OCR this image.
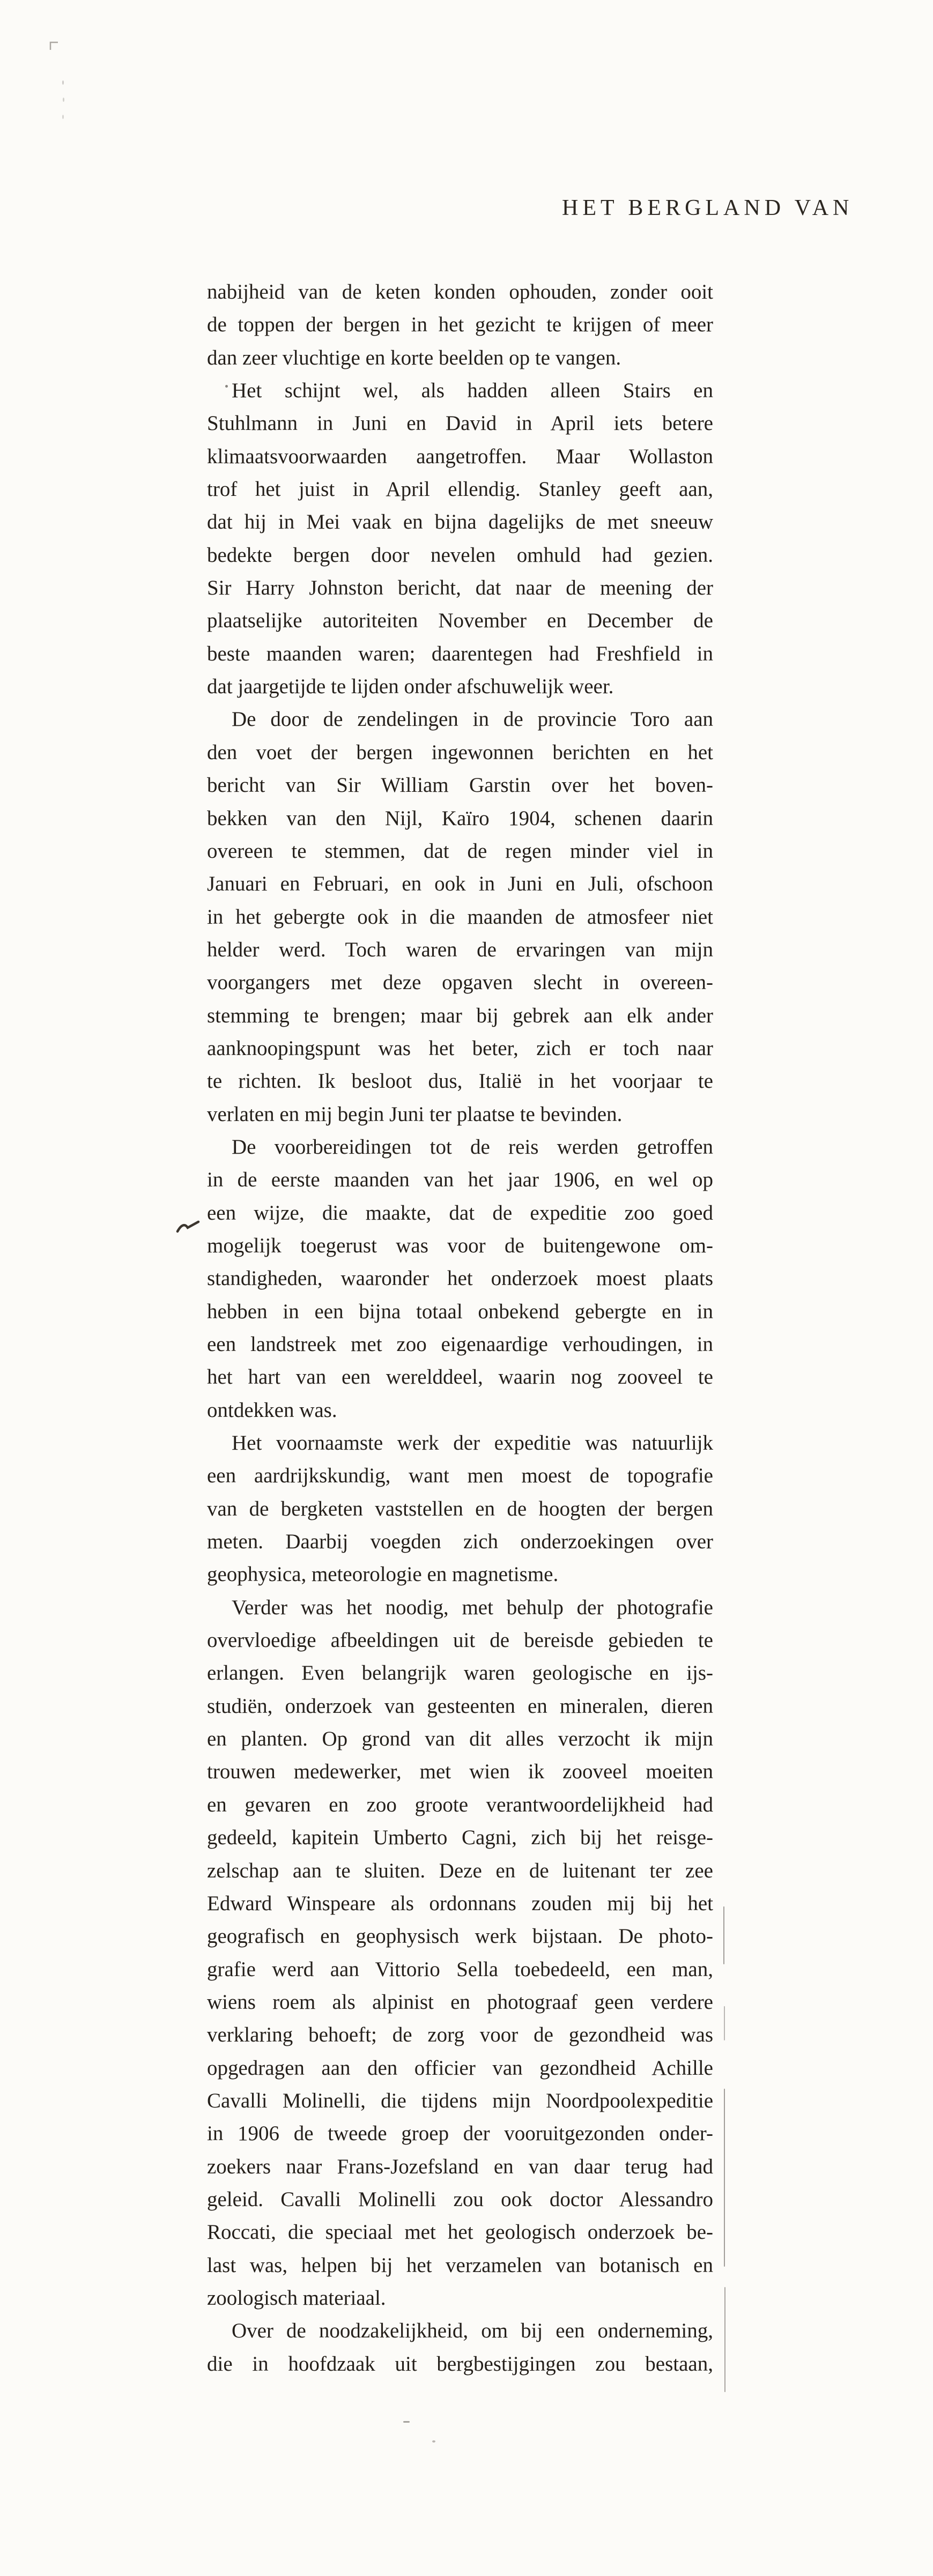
HET BERGLAND VAN
nabijheid van de keten konden ophouden, zonder ooit
de toppen der bergen in het gezicht te krijgen of meer
dan zeer vluchtige en korte beelden op te vangen.
Het schijnt wel, als hadden alleen Stairs en
Stuhlmann in Juni en David in April iets betere
klimaatsvoorwaarden aangetroffen. Maar Wollaston
trof het juist in April ellendig. Stanley geeft aan,
dat hij in Mei vaak en bijna dagelijks de met sneeuw
bedekte bergen door nevelen omhuld had gezien.
Sir Harry Johnston bericht, dat naar de meening der
plaatselijke autoriteiten November en December de
beste maanden waren; daarentegen had Freshfield in
dat jaargetijde te lijden onder afschuwelijk weer.
De door de zendelingen in de provincie Toro aan
den voet der bergen ingewonnen berichten en het
bericht van Sir William Garstin over het boven-
bekken van den Nijl, Kaïro 1904, schenen daarin
overeen te stemmen, dat de regen minder viel in
Januari en Februari, en ook in Juni en Juli, ofschoon
in het gebergte ook in die maanden de atmosfeer niet
helder werd. Toch waren de ervaringen van mijn
voorgangers met deze opgaven slecht in overeen-
stemming te brengen; maar bij gebrek aan elk ander
aanknoopingspunt was het beter, zich er toch naar
te richten. Ik besloot dus, Italië in het voorjaar te
verlaten en mij begin Juni ter plaatse te bevinden.
De voorbereidingen tot de reis werden getroffen
in de eerste maanden van het jaar 1906, en wel op
een wijze, die maakte, dat de expeditie zoo goed
mogelijk toegerust was voor de buitengewone om-
standigheden, waaronder het onderzoek moest plaats
hebben in een bijna totaal onbekend gebergte en in
een landstreek met zoo eigenaardige verhoudingen, in
het hart van een werelddeel, waarin nog zooveel te
ontdekken was.
Het voornaamste werk der expeditie was natuurlijk
een aardrijkskundig, want men moest de topografie
van de bergketen vaststellen en de hoogten der bergen
meten. Daarbij voegden zich onderzoekingen over
geophysica, meteorologie en magnetisme.
Verder was het noodig, met behulp der photografie
overvloedige afbeeldingen uit de bereisde gebieden te
erlangen. Even belangrijk waren geologische en ijs-
studiën, onderzoek van gesteenten en mineralen, dieren
en planten. Op grond van dit alles verzocht ik mijn
trouwen medewerker, met wien ik zooveel moeiten
en gevaren en zoo groote verantwoordelijkheid had
gedeeld, kapitein Umberto Cagni, zich bij het reisge-
zelschap aan te sluiten. Deze en de luitenant ter zee
Edward Winspeare als ordonnans zouden mij bij het
geografisch en geophysisch werk bijstaan. De photo-
grafie werd aan Vittorio Sella toebedeeld, een man,
wiens roem als alpinist en photograaf geen verdere
verklaring behoeft; de zorg voor de gezondheid was
opgedragen aan den officier van gezondheid Achille
Cavalli Molinelli, die tijdens mijn Noordpoolexpeditie
in 1906 de tweede groep der vooruitgezonden onder-
zoekers naar Frans-Jozefsland en van daar terug had
geleid. Cavalli Molinelli zou ook doctor Alessandro
Roccati, die speciaal met het geologisch onderzoek be-
last was, helpen bij het verzamelen van botanisch en
zoologisch materiaal.
Over de noodzakelijkheid, om bij een onderneming,
die in hoofdzaak uit bergbestijgingen zou bestaan,
